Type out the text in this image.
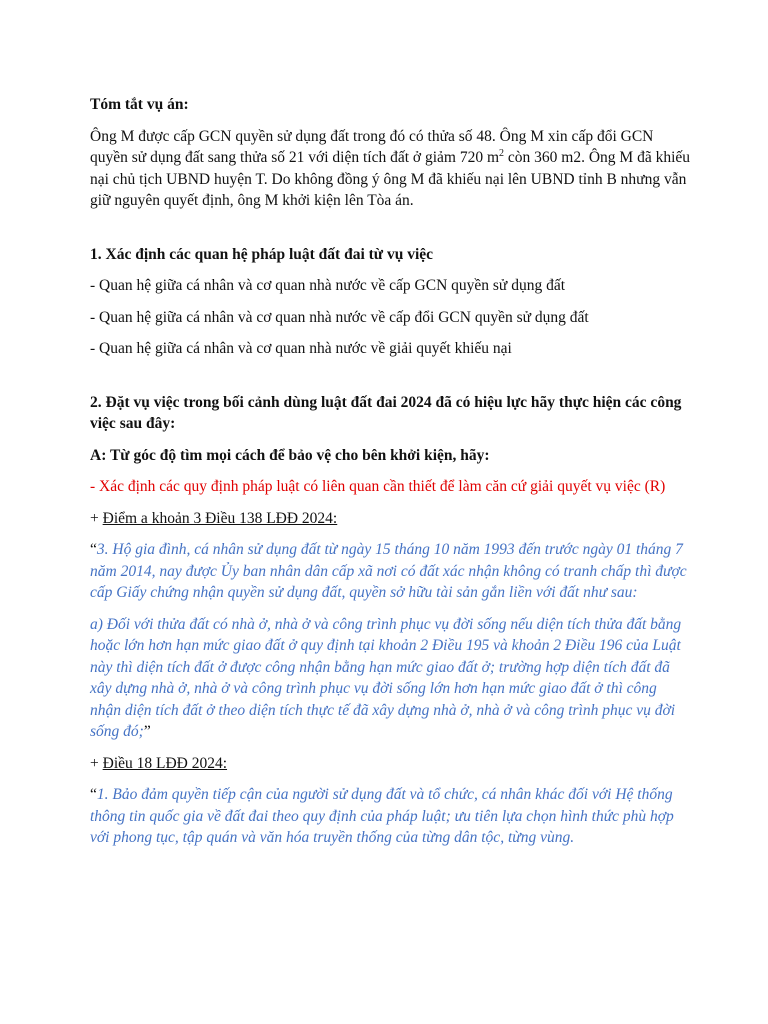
Tóm tắt vụ án:

Ông M được cấp GCN quyền sử dụng đất trong đó có thửa số 48. Ông M xin cấp đổi GCN quyền sử dụng đất sang thửa số 21 với diện tích đất ở giảm 720 $m^2$ còn 360 m2. Ông M đã khiếu nại chủ tịch UBND huyện T. Do không đồng ý ông M đã khiếu nại lên UBND tỉnh B nhưng vẫn giữ nguyên quyết định, ông M khởi kiện lên Tòa án.

1. Xác định các quan hệ pháp luật đất đai từ vụ việc

- Quan hệ giữa cá nhân và cơ quan nhà nước về cấp GCN quyền sử dụng đất

- Quan hệ giữa cá nhân và cơ quan nhà nước về cấp đổi GCN quyền sử dụng đất

- Quan hệ giữa cá nhân và cơ quan nhà nước về giải quyết khiếu nại

2. Đặt vụ việc trong bối cảnh dùng luật đất đai 2024 đã có hiệu lực hãy thực hiện các công việc sau đây:

A: Từ góc độ tìm mọi cách để bảo vệ cho bên khởi kiện, hãy:

- Xác định các quy định pháp luật có liên quan cần thiết để làm căn cứ giải quyết vụ việc (R)

+ Điểm a khoản 3 Điều 138 LĐĐ 2024:

“3. Hộ gia đình, cá nhân sử dụng đất từ ngày 15 tháng 10 năm 1993 đến trước ngày 01 tháng 7 năm 2014, nay được Ủy ban nhân dân cấp xã nơi có đất xác nhận không có tranh chấp thì được cấp Giấy chứng nhận quyền sử dụng đất, quyền sở hữu tài sản gắn liền với đất như sau:

a) Đối với thửa đất có nhà ở, nhà ở và công trình phục vụ đời sống nếu diện tích thửa đất bằng hoặc lớn hơn hạn mức giao đất ở quy định tại khoản 2 Điều 195 và khoản 2 Điều 196 của Luật này thì diện tích đất ở được công nhận bằng hạn mức giao đất ở; trường hợp diện tích đất đã xây dựng nhà ở, nhà ở và công trình phục vụ đời sống lớn hơn hạn mức giao đất ở thì công nhận diện tích đất ở theo diện tích thực tế đã xây dựng nhà ở, nhà ở và công trình phục vụ đời sống đó;”

+ Điều 18 LĐĐ 2024:

“1. Bảo đảm quyền tiếp cận của người sử dụng đất và tổ chức, cá nhân khác đối với Hệ thống thông tin quốc gia về đất đai theo quy định của pháp luật; ưu tiên lựa chọn hình thức phù hợp với phong tục, tập quán và văn hóa truyền thống của từng dân tộc, từng vùng.
